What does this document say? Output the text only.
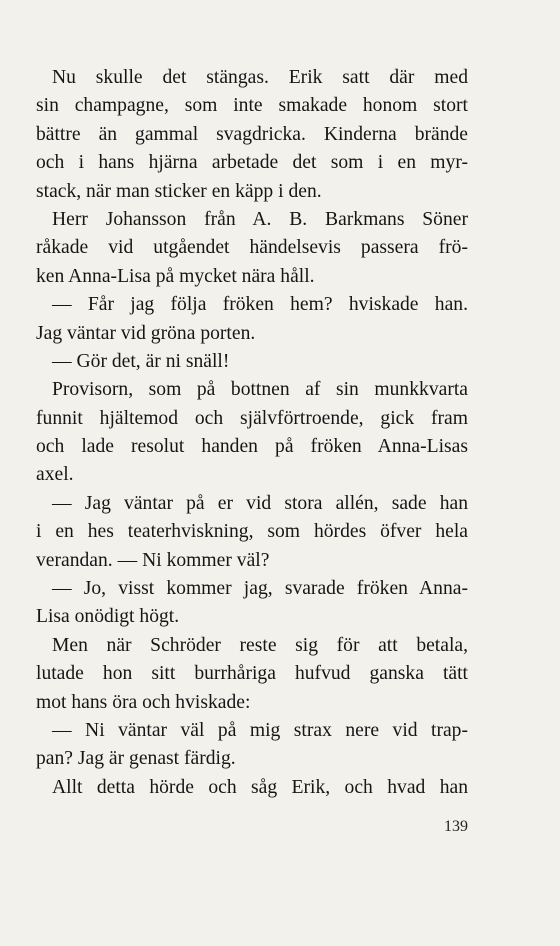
Nu skulle det stängas. Erik satt där med
sin champagne, som inte smakade honom stort
bättre än gammal svagdricka. Kinderna brände
och i hans hjärna arbetade det som i en myr-
stack, när man sticker en käpp i den.
Herr Johansson från A. B. Barkmans Söner
råkade vid utgåendet händelsevis passera frö-
ken Anna-Lisa på mycket nära håll.
— Får jag följa fröken hem? hviskade han.
Jag väntar vid gröna porten.
— Gör det, är ni snäll!
Provisorn, som på bottnen af sin munkkvarta
funnit hjältemod och självförtroende, gick fram
och lade resolut handen på fröken Anna-Lisas
axel.
— Jag väntar på er vid stora allén, sade han
i en hes teaterhviskning, som hördes öfver hela
verandan. — Ni kommer väl?
— Jo, visst kommer jag, svarade fröken Anna-
Lisa onödigt högt.
Men när Schröder reste sig för att betala,
lutade hon sitt burrhåriga hufvud ganska tätt
mot hans öra och hviskade:
— Ni väntar väl på mig strax nere vid trap-
pan? Jag är genast färdig.
Allt detta hörde och såg Erik, och hvad han
139
